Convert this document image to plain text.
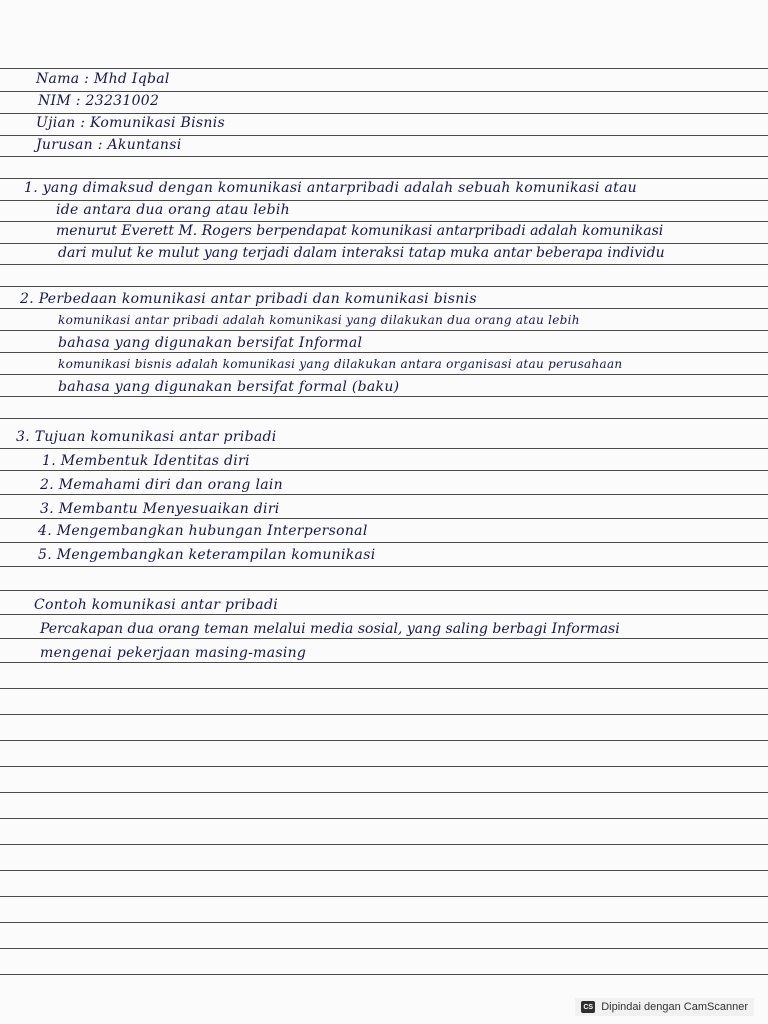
Nama : Mhd Iqbal
NIM : 23231002
Ujian : Komunikasi Bisnis
Jurusan : Akuntansi
1. yang dimaksud dengan komunikasi antarpribadi adalah sebuah komunikasi atau
ide antara dua orang atau lebih
menurut Everett M. Rogers berpendapat komunikasi antarpribadi adalah komunikasi
dari mulut ke mulut yang terjadi dalam interaksi tatap muka antar beberapa individu
2. Perbedaan komunikasi antar pribadi dan komunikasi bisnis
komunikasi antar pribadi adalah komunikasi yang dilakukan dua orang atau lebih
bahasa yang digunakan bersifat Informal
komunikasi bisnis adalah komunikasi yang dilakukan antara organisasi atau perusahaan
bahasa yang digunakan bersifat formal (baku)
3. Tujuan komunikasi antar pribadi
1. Membentuk Identitas diri
2. Memahami diri dan orang lain
3. Membantu Menyesuaikan diri
4. Mengembangkan hubungan Interpersonal
5. Mengembangkan keterampilan komunikasi
Contoh komunikasi antar pribadi
Percakapan dua orang teman melalui media sosial, yang saling berbagi Informasi
mengenai pekerjaan masing-masing
CS Dipindai dengan CamScanner
